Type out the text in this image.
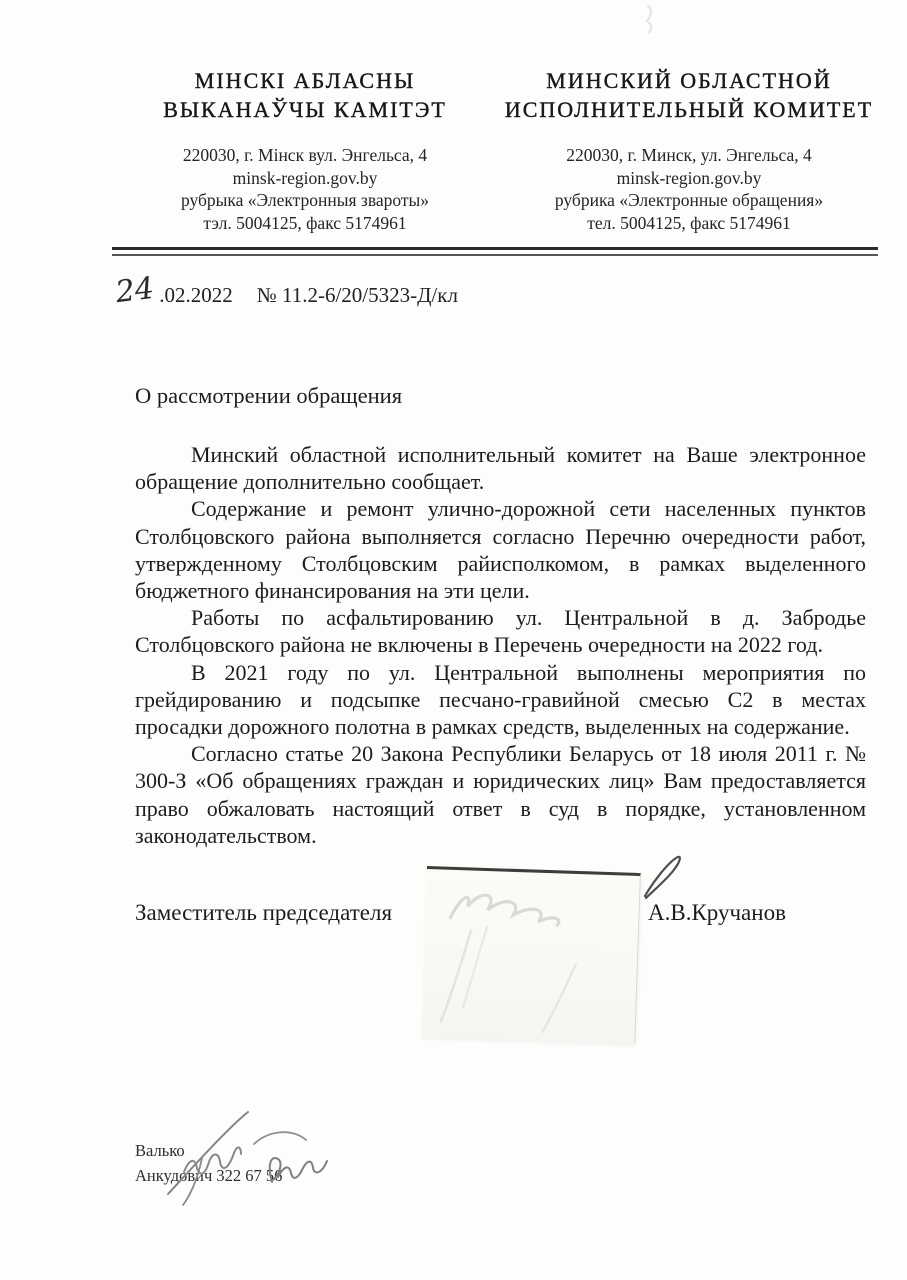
МІНСКІ АБЛАСНЫ
ВЫКАНАЎЧЫ КАМІТЭТ
220030, г. Мінск вул. Энгельса, 4
minsk-region.gov.by
рубрыка «Электронныя звароты»
тэл. 5004125, факс 5174961
МИНСКИЙ ОБЛАСТНОЙ
ИСПОЛНИТЕЛЬНЫЙ КОМИТЕТ
220030, г. Минск, ул. Энгельса, 4
minsk-region.gov.by
рубрика «Электронные обращения»
тел. 5004125, факс 5174961
24 .02.2022 № 11.2-6/20/5323-Д/кл
О рассмотрении обращения

Минский областной исполнительный комитет на Ваше электронное обращение дополнительно сообщает.

Содержание и ремонт улично-дорожной сети населенных пунктов Столбцовского района выполняется согласно Перечню очередности работ, утвержденному Столбцовским райисполкомом, в рамках выделенного бюджетного финансирования на эти цели.

Работы по асфальтированию ул. Центральной в д. Забродье Столбцовского района не включены в Перечень очередности на 2022 год.

В 2021 году по ул. Центральной выполнены мероприятия по грейдированию и подсыпке песчано-гравийной смесью С2 в местах просадки дорожного полотна в рамках средств, выделенных на содержание.

Согласно статье 20 Закона Республики Беларусь от 18 июля 2011 г. № 300-З «Об обращениях граждан и юридических лиц» Вам предоставляется право обжаловать настоящий ответ в суд в порядке, установленном законодательством.

Заместитель председателя	А.В.Кручанов
Валько
Анкудович 322 67 56
